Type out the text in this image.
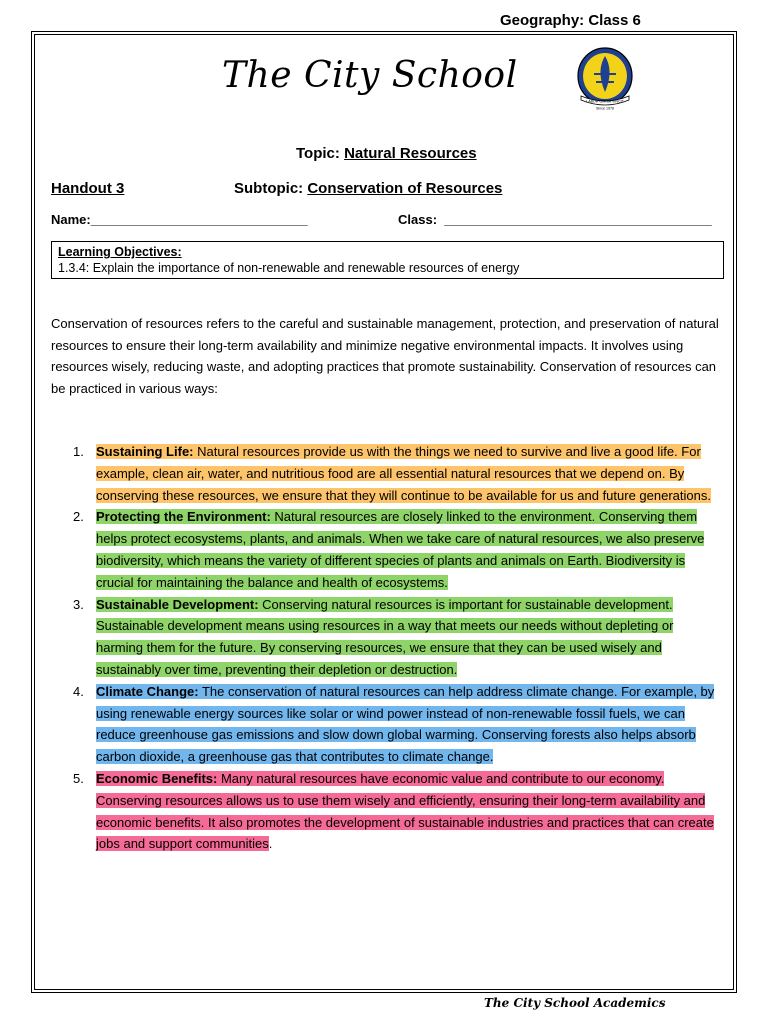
Geography: Class 6
The City School
LABOR OMNIA VINCIT
Since 1978
Topic: Natural Resources
Handout 3	Subtopic: Conservation of Resources
Name:______________________________	Class: _____________________________________
Learning Objectives:
1.3.4: Explain the importance of non-renewable and renewable resources of energy
Conservation of resources refers to the careful and sustainable management, protection, and preservation of natural resources to ensure their long-term availability and minimize negative environmental impacts. It involves using resources wisely, reducing waste, and adopting practices that promote sustainability. Conservation of resources can be practiced in various ways:
1. Sustaining Life: Natural resources provide us with the things we need to survive and live a good life. For example, clean air, water, and nutritious food are all essential natural resources that we depend on. By conserving these resources, we ensure that they will continue to be available for us and future generations.
2. Protecting the Environment: Natural resources are closely linked to the environment. Conserving them helps protect ecosystems, plants, and animals. When we take care of natural resources, we also preserve biodiversity, which means the variety of different species of plants and animals on Earth. Biodiversity is crucial for maintaining the balance and health of ecosystems.
3. Sustainable Development: Conserving natural resources is important for sustainable development. Sustainable development means using resources in a way that meets our needs without depleting or harming them for the future. By conserving resources, we ensure that they can be used wisely and sustainably over time, preventing their depletion or destruction.
4. Climate Change: The conservation of natural resources can help address climate change. For example, by using renewable energy sources like solar or wind power instead of non-renewable fossil fuels, we can reduce greenhouse gas emissions and slow down global warming. Conserving forests also helps absorb carbon dioxide, a greenhouse gas that contributes to climate change.
5. Economic Benefits: Many natural resources have economic value and contribute to our economy. Conserving resources allows us to use them wisely and efficiently, ensuring their long-term availability and economic benefits. It also promotes the development of sustainable industries and practices that can create jobs and support communities.
The City School Academics
